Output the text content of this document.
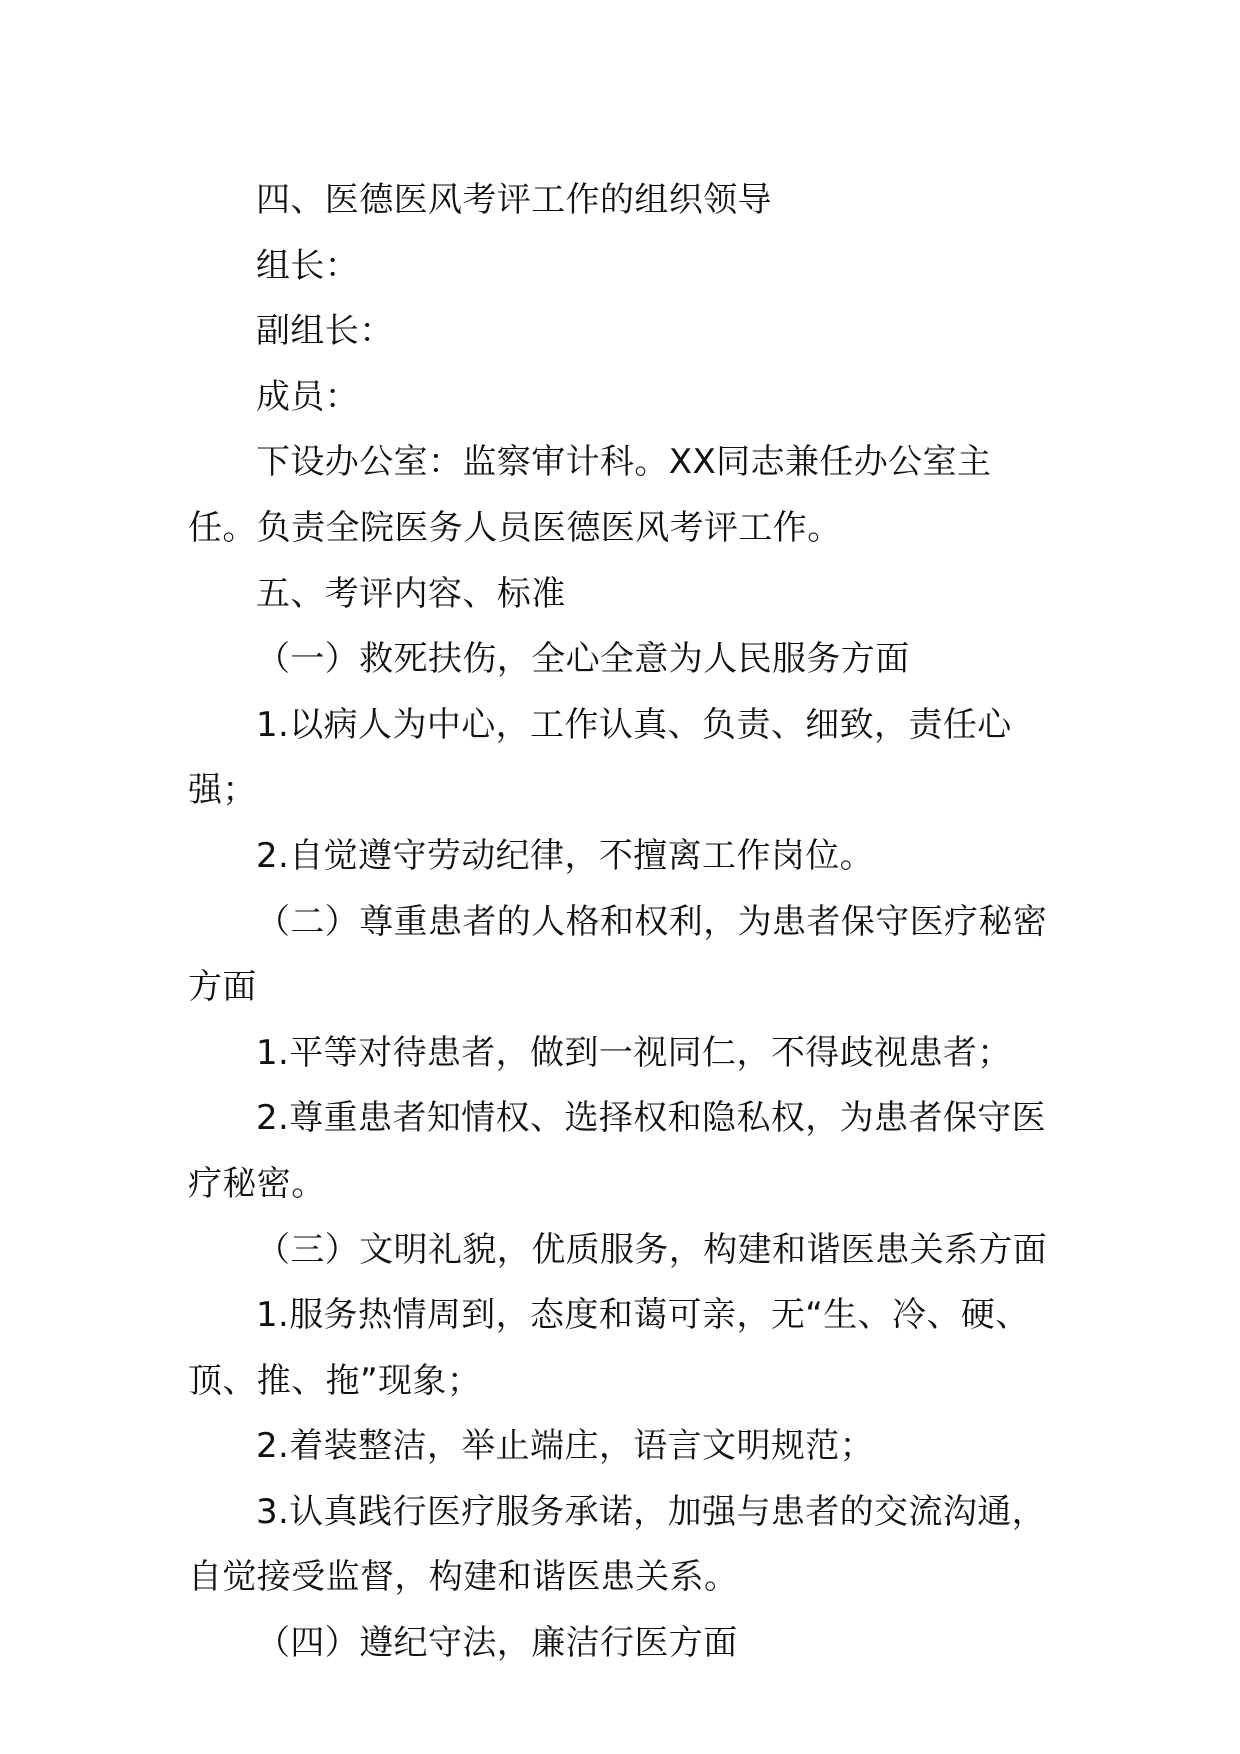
四、医德医风考评工作的组织领导

组长：

副组长：

成员：

下设办公室：监察审计科。XX同志兼任办公室主任。负责全院医务人员医德医风考评工作。

五、考评内容、标准

（一）救死扶伤，全心全意为人民服务方面

1.以病人为中心，工作认真、负责、细致，责任心强；

2.自觉遵守劳动纪律，不擅离工作岗位。

（二）尊重患者的人格和权利，为患者保守医疗秘密方面

1.平等对待患者，做到一视同仁，不得歧视患者；

2.尊重患者知情权、选择权和隐私权，为患者保守医疗秘密。

（三）文明礼貌，优质服务，构建和谐医患关系方面

1.服务热情周到，态度和蔼可亲，无“生、冷、硬、顶、推、拖”现象；

2.着装整洁，举止端庄，语言文明规范；

3.认真践行医疗服务承诺，加强与患者的交流沟通，自觉接受监督，构建和谐医患关系。

（四）遵纪守法，廉洁行医方面
